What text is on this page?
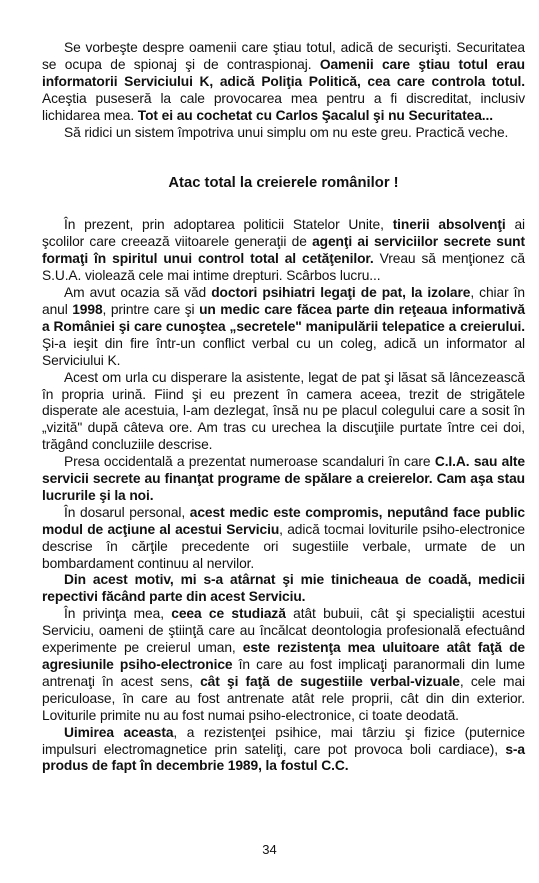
Se vorbeşte despre oamenii care ştiau totul, adică de securişti. Securitatea se ocupa de spionaj şi de contraspionaj. Oamenii care ştiau totul erau informatorii Serviciului K, adică Poliţia Politică, cea care controla totul. Aceştia puseseră la cale provocarea mea pentru a fi discreditat, inclusiv lichidarea mea. Tot ei au cochetat cu Carlos Şacalul şi nu Securitatea...

Să ridici un sistem împotriva unui simplu om nu este greu. Practică veche.

Atac total la creierele românilor !

În prezent, prin adoptarea politicii Statelor Unite, tinerii absolvenţi ai şcolilor care creează viitoarele generaţii de agenţi ai serviciilor secrete sunt formaţi în spiritul unui control total al cetăţenilor. Vreau să menţionez că S.U.A. violează cele mai intime drepturi. Scârbos lucru...

Am avut ocazia să văd doctori psihiatri legaţi de pat, la izolare, chiar în anul 1998, printre care şi un medic care făcea parte din reţeaua informativă a României şi care cunoştea „secretele" manipulării telepatice a creierului. Şi-a ieşit din fire într-un conflict verbal cu un coleg, adică un informator al Serviciului K.

Acest om urla cu disperare la asistente, legat de pat şi lăsat să lâncezească în propria urină. Fiind şi eu prezent în camera aceea, trezit de strigătele disperate ale acestuia, l-am dezlegat, însă nu pe placul colegului care a sosit în „vizită" după câteva ore. Am tras cu urechea la discuţiile purtate între cei doi, trăgând concluziile descrise.

Presa occidentală a prezentat numeroase scandaluri în care C.I.A. sau alte servicii secrete au finanţat programe de spălare a creierelor. Cam aşa stau lucrurile şi la noi.

În dosarul personal, acest medic este compromis, neputând face public modul de acţiune al acestui Serviciu, adică tocmai loviturile psiho-electronice descrise în cărţile precedente ori sugestiile verbale, urmate de un bombardament continuu al nervilor.

Din acest motiv, mi s-a atârnat şi mie tinicheaua de coadă, medicii repectivi făcând parte din acest Serviciu.

În privinţa mea, ceea ce studiază atât bubuii, cât şi specialiştii acestui Serviciu, oameni de ştiinţă care au încălcat deontologia profesională efectuând experimente pe creierul uman, este rezistenţa mea uluitoare atât faţă de agresiunile psiho-electronice în care au fost implicaţi paranormali din lume antrenaţi în acest sens, cât şi faţă de sugestiile verbal-vizuale, cele mai periculoase, în care au fost antrenate atât rele proprii, cât din din exterior. Loviturile primite nu au fost numai psiho-electronice, ci toate deodată.

Uimirea aceasta, a rezistenţei psihice, mai târziu şi fizice (puternice impulsuri electromagnetice prin sateliţi, care pot provoca boli cardiace), s-a produs de fapt în decembrie 1989, la fostul C.C.

34
